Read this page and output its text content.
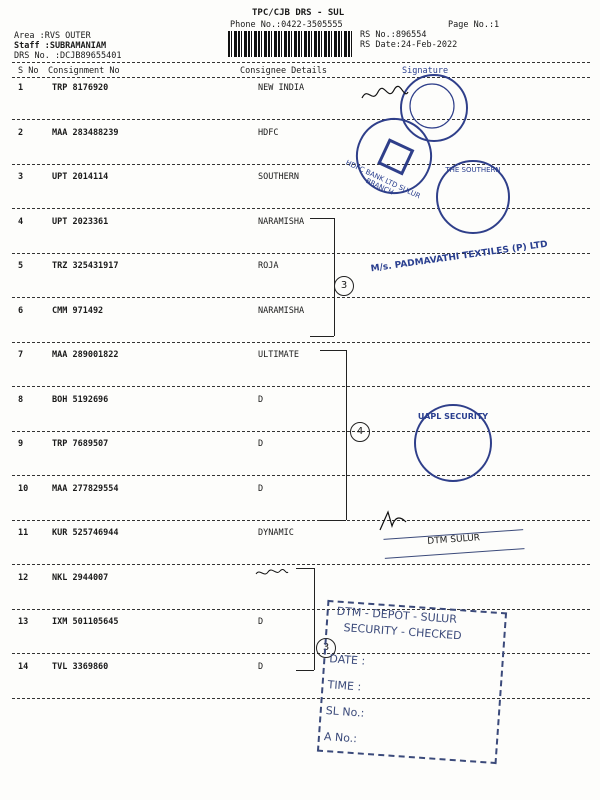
TPC/CJB DRS - SUL
Phone No.:0422-3505555	Page No.:1
Area :RVS OUTER
Staff :SUBRAMANIAM
DRS No. :DCJB89655401
RS No.:896554
RS Date:24-Feb-2022
S No Consignment No	Consignee Details	Signature
1	TRP 8176920	NEW INDIA
2	MAA 283488239	HDFC
3	UPT 2014114	SOUTHERN
4	UPT 2023361	NARAMISHA
5	TRZ 325431917	ROJA
6	CMM 971492	NARAMISHA
7	MAA 289001822	ULTIMATE
8	BOH 5192696	D
9	TRP 7689507	D
10	MAA 277829554	D
11	KUR 525746944	DYNAMIC
12	NKL 2944007
13	IXM 501105645	D
14	TVL 3369860	D
3
4
3
HDFC BANK LTD SULUR BRANCH
THE SOUTHERN
UAPL SECURITY
M/s. PADMAVATHI TEXTILES (P) LTD
DTM SULUR
DTM - DEPOT - SULUR
SECURITY - CHECKED
DATE :
TIME :
SL No.:
A No.:
